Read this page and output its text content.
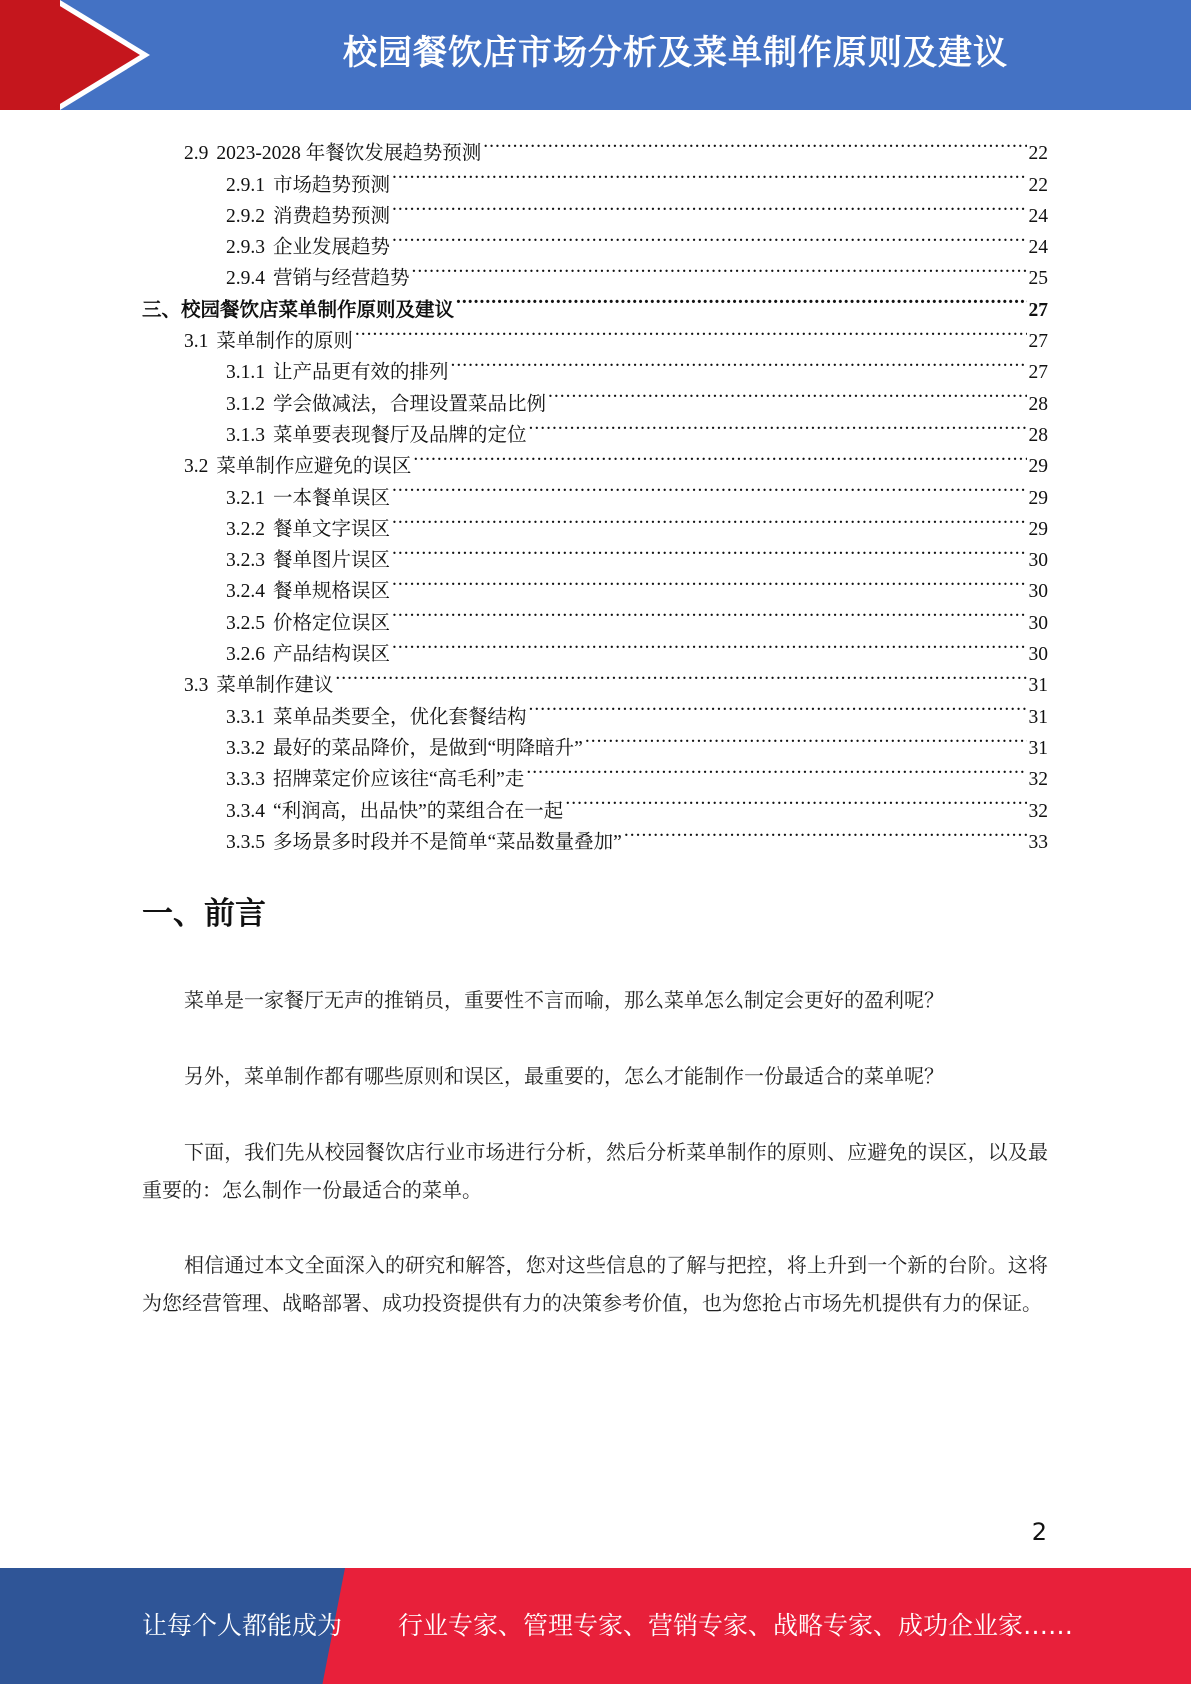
校园餐饮店市场分析及菜单制作原则及建议
2.9 2023-2028 年餐饮发展趋势预测 .....	22
2.9.1 市场趋势预测 .....	22
2.9.2 消费趋势预测 .....	24
2.9.3 企业发展趋势 .....	24
2.9.4 营销与经营趋势 .....	25
三、校园餐饮店菜单制作原则及建议 .....	27
3.1 菜单制作的原则 .....	27
3.1.1 让产品更有效的排列 .....	27
3.1.2 学会做减法，合理设置菜品比例 .....	28
3.1.3 菜单要表现餐厅及品牌的定位 .....	28
3.2 菜单制作应避免的误区 .....	29
3.2.1 一本餐单误区 .....	29
3.2.2 餐单文字误区 .....	29
3.2.3 餐单图片误区 .....	30
3.2.4 餐单规格误区 .....	30
3.2.5 价格定位误区 .....	30
3.2.6 产品结构误区 .....	30
3.3 菜单制作建议 .....	31
3.3.1 菜单品类要全，优化套餐结构 .....	31
3.3.2 最好的菜品降价，是做到“明降暗升” .....	31
3.3.3 招牌菜定价应该往“高毛利”走 .....	32
3.3.4 “利润高，出品快”的菜组合在一起 .....	32
3.3.5 多场景多时段并不是简单“菜品数量叠加” .....	33
一、前言
菜单是一家餐厅无声的推销员，重要性不言而喻，那么菜单怎么制定会更好的盈利呢？
另外，菜单制作都有哪些原则和误区，最重要的，怎么才能制作一份最适合的菜单呢？
下面，我们先从校园餐饮店行业市场进行分析，然后分析菜单制作的原则、应避免的误区，以及最重要的：怎么制作一份最适合的菜单。
相信通过本文全面深入的研究和解答，您对这些信息的了解与把控，将上升到一个新的台阶。这将为您经营管理、战略部署、成功投资提供有力的决策参考价值，也为您抢占市场先机提供有力的保证。
2
让每个人都能成为 行业专家、管理专家、营销专家、战略专家、成功企业家……
